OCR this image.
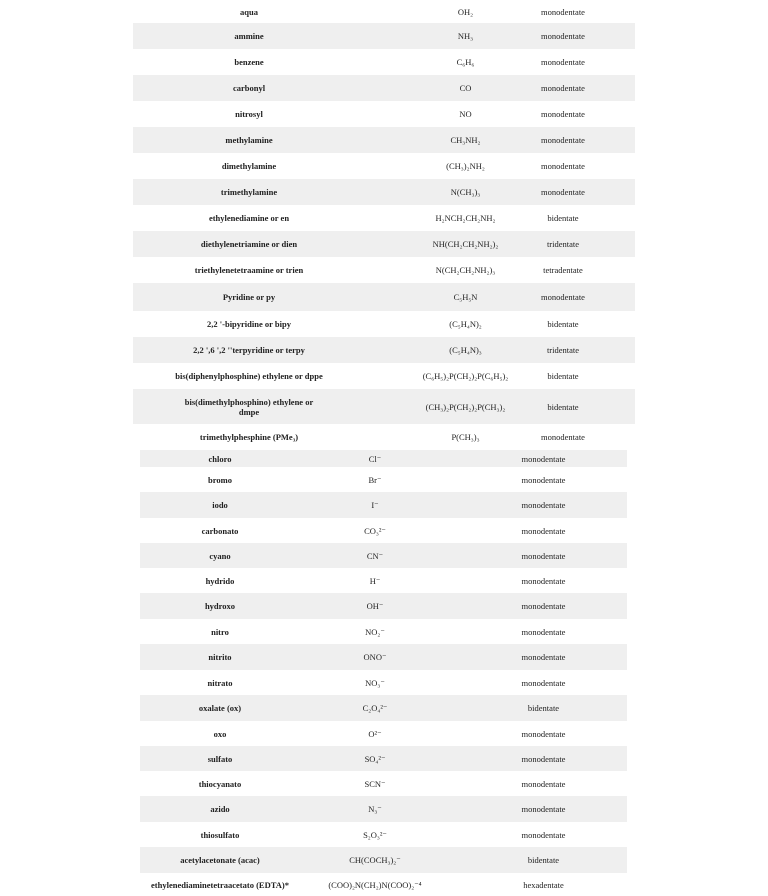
aqua	OH₂	monodentate
ammine	NH₃	monodentate
benzene	C₆H₆	monodentate
carbonyl	CO	monodentate
nitrosyl	NO	monodentate
methylamine	CH₃NH₂	monodentate
dimethylamine	(CH₃)₂NH₂	monodentate
trimethylamine	N(CH₃)₃	monodentate
ethylenediamine or en	H₂NCH₂CH₂NH₂	bidentate
diethylenetriamine or dien	NH(CH₂CH₂NH₂)₂	tridentate
triethylenetetraamine or trien	N(CH₂CH₂NH₂)₃	tetradentate
Pyridine or py	C₅H₅N	monodentate
2,2 '-bipyridine or bipy	(C₅H₄N)₂	bidentate
2,2 ',6 ',2 ''terpyridine or terpy	(C₅H₄N)₃	tridentate
bis(diphenylphosphine) ethylene or dppe	(C₆H₅)₂P(CH₂)₂P(C₆H₅)₂	bidentate
bis(dimethylphosphino) ethylene or dmpe	(CH₃)₂P(CH₂)₂P(CH₃)₂	bidentate
trimethylphesphine (PMe₃)	P(CH₃)₃	monodentate
chloro	Cl⁻	monodentate
bromo	Br⁻	monodentate
iodo	I⁻	monodentate
carbonato	CO₃²⁻	monodentate
cyano	CN⁻	monodentate
hydrido	H⁻	monodentate
hydroxo	OH⁻	monodentate
nitro	NO₂⁻	monodentate
nitrito	ONO⁻	monodentate
nitrato	NO₃⁻	monodentate
oxalate (ox)	C₂O₄²⁻	bidentate
oxo	O²⁻	monodentate
sulfato	SO₄²⁻	monodentate
thiocyanato	SCN⁻	monodentate
azido	N₃⁻	monodentate
thiosulfato	S₂O₃²⁻	monodentate
acetylacetonate (acac)	CH(COCH₃)₂⁻	bidentate
ethylenediaminetetraacetato (EDTA)*	(COO)₂N(CH₂)N(COO)₂⁻⁴	hexadentate
